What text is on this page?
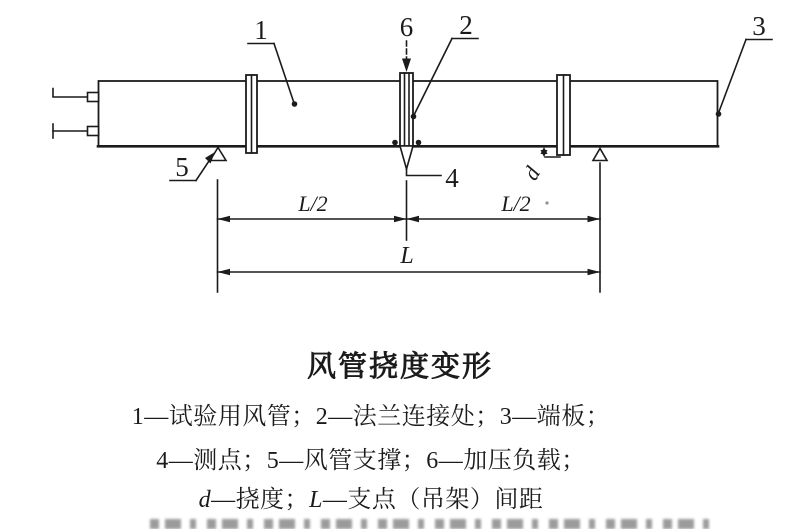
6
1	2	3
4
5	d
L/2	L/2
L
风管挠度变形
1—试验用风管；2—法兰连接处；3—端板；
4—测点；5—风管支撑；6—加压负载；
d—挠度；L—支点（吊架）间距
